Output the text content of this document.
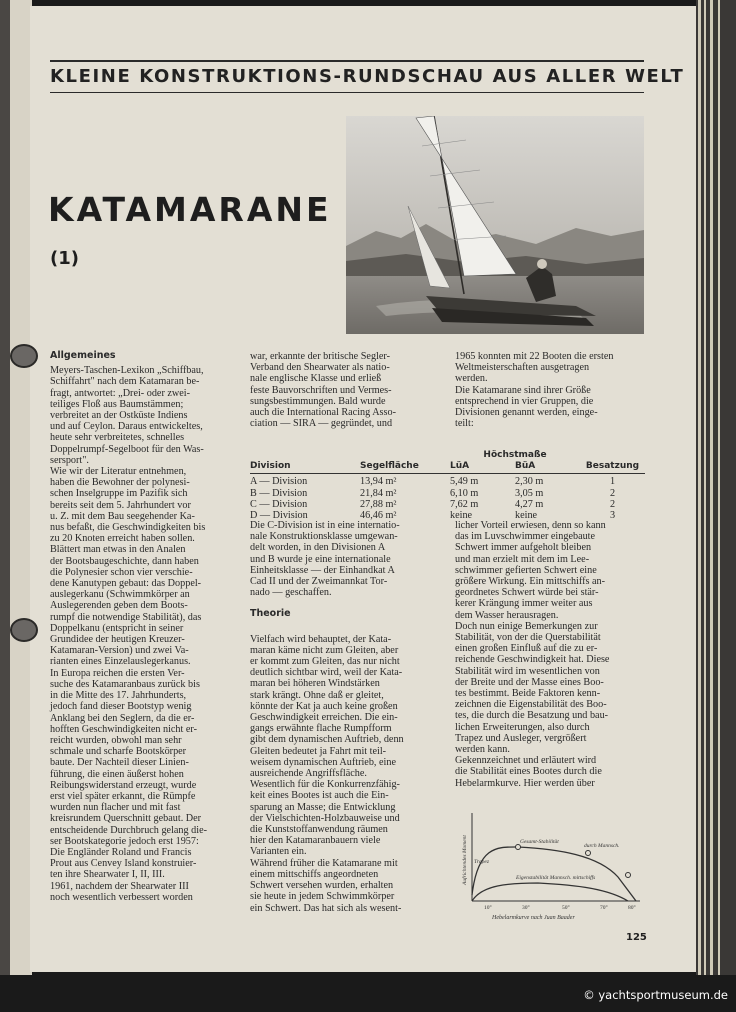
KLEINE KONSTRUKTIONS-RUNDSCHAU AUS ALLER WELT
KATAMARANE
(1)

Allgemeines

Meyers-Taschen-Lexikon „Schiffbau,
Schiffahrt" nach dem Katamaran be-
fragt, antwortet: „Drei- oder zwei-
teiliges Floß aus Baumstämmen;
verbreitet an der Ostküste Indiens
und auf Ceylon. Daraus entwickeltes,
heute sehr verbreitetes, schnelles
Doppelrumpf-Segelboot für den Was-
sersport".
Wie wir der Literatur entnehmen,
haben die Bewohner der polynesi-
schen Inselgruppe im Pazifik sich
bereits seit dem 5. Jahrhundert vor
u. Z. mit dem Bau seegehender Ka-
nus befaßt, die Geschwindigkeiten bis
zu 20 Knoten erreicht haben sollen.
Blättert man etwas in den Analen
der Bootsbaugeschichte, dann haben
die Polynesier schon vier verschie-
dene Kanutypen gebaut: das Doppel-
auslegerkanu (Schwimmkörper an
Auslegerenden geben dem Boots-
rumpf die notwendige Stabilität), das
Doppelkanu (entspricht in seiner
Grundidee der heutigen Kreuzer-
Katamaran-Version) und zwei Va-
rianten eines Einzelauslegerkanus.
In Europa reichen die ersten Ver-
suche des Katamaranbaus zurück bis
in die Mitte des 17. Jahrhunderts,
jedoch fand dieser Bootstyp wenig
Anklang bei den Seglern, da die er-
hofften Geschwindigkeiten nicht er-
reicht wurden, obwohl man sehr
schmale und scharfe Bootskörper
baute. Der Nachteil dieser Linien-
führung, die einen äußerst hohen
Reibungswiderstand erzeugt, wurde
erst viel später erkannt, die Rümpfe
wurden nun flacher und mit fast
kreisrundem Querschnitt gebaut. Der
entscheidende Durchbruch gelang die-
ser Bootskategorie jedoch erst 1957:
Die Engländer Roland und Francis
Prout aus Cenvey Island konstruier-
ten ihre Shearwater I, II, III.
1961, nachdem der Shearwater III
noch wesentlich verbessert worden
war, erkannte der britische Segler-
Verband den Shearwater als natio-
nale englische Klasse und erließ
feste Bauvorschriften und Vermes-
sungsbestimmungen. Bald wurde
auch die International Racing Asso-
ciation — SIRA — gegründet, und
1965 konnten mit 22 Booten die ersten
Weltmeisterschaften ausgetragen
werden.
Die Katamarane sind ihrer Größe
entsprechend in vier Gruppen, die
Divisionen genannt werden, einge-
teilt:
Höchstmaße
Division	Segelfläche	LüA	BüA	Besatzung
A — Division	13,94 m²	5,49 m	2,30 m	1
B — Division	21,84 m²	6,10 m	3,05 m	2
C — Division	27,88 m²	7,62 m	4,27 m	2
D — Division	46,46 m²	keine	keine	3
Die C-Division ist in eine internatio-
nale Konstruktionsklasse umgewan-
delt worden, in den Divisionen A
und B wurde je eine internationale
Einheitsklasse — der Einhandkat A
Cad II und der Zweimannkat Tor-
nado — geschaffen.

Theorie

Vielfach wird behauptet, der Kata-
maran käme nicht zum Gleiten, aber
er kommt zum Gleiten, das nur nicht
deutlich sichtbar wird, weil der Kata-
maran bei höheren Windstärken
stark krängt. Ohne daß er gleitet,
könnte der Kat ja auch keine großen
Geschwindigkeit erreichen. Die ein-
gangs erwähnte flache Rumpfform
gibt dem dynamischen Auftrieb, denn
Gleiten bedeutet ja Fahrt mit teil-
weisem dynamischen Auftrieb, eine
ausreichende Angriffsfläche.
Wesentlich für die Konkurrenzfähig-
keit eines Bootes ist auch die Ein-
sparung an Masse; die Entwicklung
der Vielschichten-Holzbauweise und
die Kunststoffanwendung räumen
hier den Katamaranbauern viele
Varianten ein.
Während früher die Katamarane mit
einem mittschiffs angeordneten
Schwert versehen wurden, erhalten
sie heute in jedem Schwimmkörper
ein Schwert. Das hat sich als wesent-
licher Vorteil erwiesen, denn so kann
das im Luvschwimmer eingebaute
Schwert immer aufgeholt bleiben
und man erzielt mit dem im Lee-
schwimmer gefierten Schwert eine
größere Wirkung. Ein mittschiffs an-
geordnetes Schwert würde bei stär-
kerer Krängung immer weiter aus
dem Wasser herausragen.
Doch nun einige Bemerkungen zur
Stabilität, von der die Querstabilität
einen großen Einfluß auf die zu er-
reichende Geschwindigkeit hat. Diese
Stabilität wird im wesentlichen von
der Breite und der Masse eines Boo-
tes bestimmt. Beide Faktoren kenn-
zeichnen die Eigenstabilität des Boo-
tes, die durch die Besatzung und bau-
lichen Erweiterungen, also durch
Trapez und Ausleger, vergrößert
werden kann.
Gekennzeichnet und erläutert wird
die Stabilität eines Bootes durch die
Hebelarmkurve. Hier werden über
Gesamt-Stabilität
durch Mannsch.
Eigenstabilität Mannsch. mittschiffs
Aufrichtendes Moment Trapez
10°	30°	50°	70°	80°
Hebelarmkurve nach Juan Baader
125
© yachtsportmuseum.de
